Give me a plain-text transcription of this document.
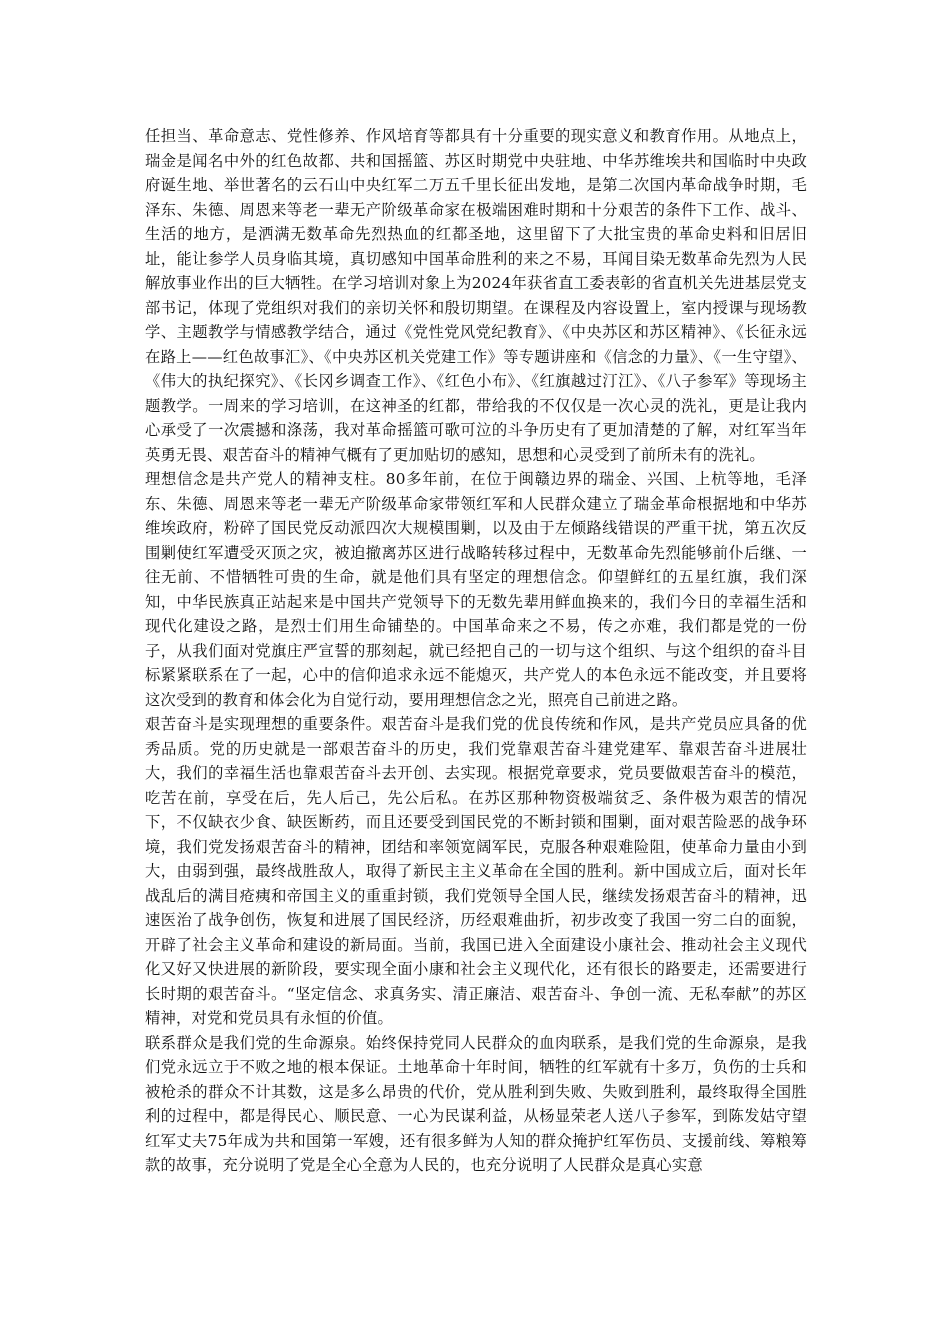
任担当、革命意志、党性修养、作风培育等都具有十分重要的现实意义和教育作用。从地点上，瑞金是闻名中外的红色故都、共和国摇篮、苏区时期党中央驻地、中华苏维埃共和国临时中央政府诞生地、举世著名的云石山中央红军二万五千里长征出发地，是第二次国内革命战争时期，毛泽东、朱德、周恩来等老一辈无产阶级革命家在极端困难时期和十分艰苦的条件下工作、战斗、生活的地方，是洒满无数革命先烈热血的红都圣地，这里留下了大批宝贵的革命史料和旧居旧址，能让参学人员身临其境，真切感知中国革命胜利的来之不易，耳闻目染无数革命先烈为人民解放事业作出的巨大牺牲。在学习培训对象上为2024年获省直工委表彰的省直机关先进基层党支部书记，体现了党组织对我们的亲切关怀和殷切期望。在课程及内容设置上，室内授课与现场教学、主题教学与情感教学结合，通过《党性党风党纪教育》、《中央苏区和苏区精神》、《长征永远在路上——红色故事汇》、《中央苏区机关党建工作》等专题讲座和《信念的力量》、《一生守望》、《伟大的执纪探究》、《长冈乡调查工作》、《红色小布》、《红旗越过汀江》、《八子参军》等现场主题教学。一周来的学习培训，在这神圣的红都，带给我的不仅仅是一次心灵的洗礼，更是让我内心承受了一次震撼和涤荡，我对革命摇篮可歌可泣的斗争历史有了更加清楚的了解，对红军当年英勇无畏、艰苦奋斗的精神气概有了更加贴切的感知，思想和心灵受到了前所未有的洗礼。

理想信念是共产党人的精神支柱。80多年前，在位于闽赣边界的瑞金、兴国、上杭等地，毛泽东、朱德、周恩来等老一辈无产阶级革命家带领红军和人民群众建立了瑞金革命根据地和中华苏维埃政府，粉碎了国民党反动派四次大规模围剿，以及由于左倾路线错误的严重干扰，第五次反围剿使红军遭受灭顶之灾，被迫撤离苏区进行战略转移过程中，无数革命先烈能够前仆后继、一往无前、不惜牺牲可贵的生命，就是他们具有坚定的理想信念。仰望鲜红的五星红旗，我们深知，中华民族真正站起来是中国共产党领导下的无数先辈用鲜血换来的，我们今日的幸福生活和现代化建设之路，是烈士们用生命铺垫的。中国革命来之不易，传之亦难，我们都是党的一份子，从我们面对党旗庄严宣誓的那刻起，就已经把自己的一切与这个组织、与这个组织的奋斗目标紧紧联系在了一起，心中的信仰追求永远不能熄灭，共产党人的本色永远不能改变，并且要将这次受到的教育和体会化为自觉行动，要用理想信念之光，照亮自己前进之路。

艰苦奋斗是实现理想的重要条件。艰苦奋斗是我们党的优良传统和作风，是共产党员应具备的优秀品质。党的历史就是一部艰苦奋斗的历史，我们党靠艰苦奋斗建党建军、靠艰苦奋斗进展壮大，我们的幸福生活也靠艰苦奋斗去开创、去实现。根据党章要求，党员要做艰苦奋斗的模范，吃苦在前，享受在后，先人后己，先公后私。在苏区那种物资极端贫乏、条件极为艰苦的情况下，不仅缺衣少食、缺医断药，而且还要受到国民党的不断封锁和围剿，面对艰苦险恶的战争环境，我们党发扬艰苦奋斗的精神，团结和率领宽阔军民，克服各种艰难险阻，使革命力量由小到大，由弱到强，最终战胜敌人，取得了新民主主义革命在全国的胜利。新中国成立后，面对长年战乱后的满目疮痍和帝国主义的重重封锁，我们党领导全国人民，继续发扬艰苦奋斗的精神，迅速医治了战争创伤，恢复和进展了国民经济，历经艰难曲折，初步改变了我国一穷二白的面貌，开辟了社会主义革命和建设的新局面。当前，我国已进入全面建设小康社会、推动社会主义现代化又好又快进展的新阶段，要实现全面小康和社会主义现代化，还有很长的路要走，还需要进行长时期的艰苦奋斗。“坚定信念、求真务实、清正廉洁、艰苦奋斗、争创一流、无私奉献”的苏区精神，对党和党员具有永恒的价值。

联系群众是我们党的生命源泉。始终保持党同人民群众的血肉联系，是我们党的生命源泉，是我们党永远立于不败之地的根本保证。土地革命十年时间，牺牲的红军就有十多万，负伤的士兵和被枪杀的群众不计其数，这是多么昂贵的代价，党从胜利到失败、失败到胜利，最终取得全国胜利的过程中，都是得民心、顺民意、一心为民谋利益，从杨显荣老人送八子参军，到陈发姑守望红军丈夫75年成为共和国第一军嫂，还有很多鲜为人知的群众掩护红军伤员、支援前线、筹粮筹款的故事，充分说明了党是全心全意为人民的，也充分说明了人民群众是真心实意
